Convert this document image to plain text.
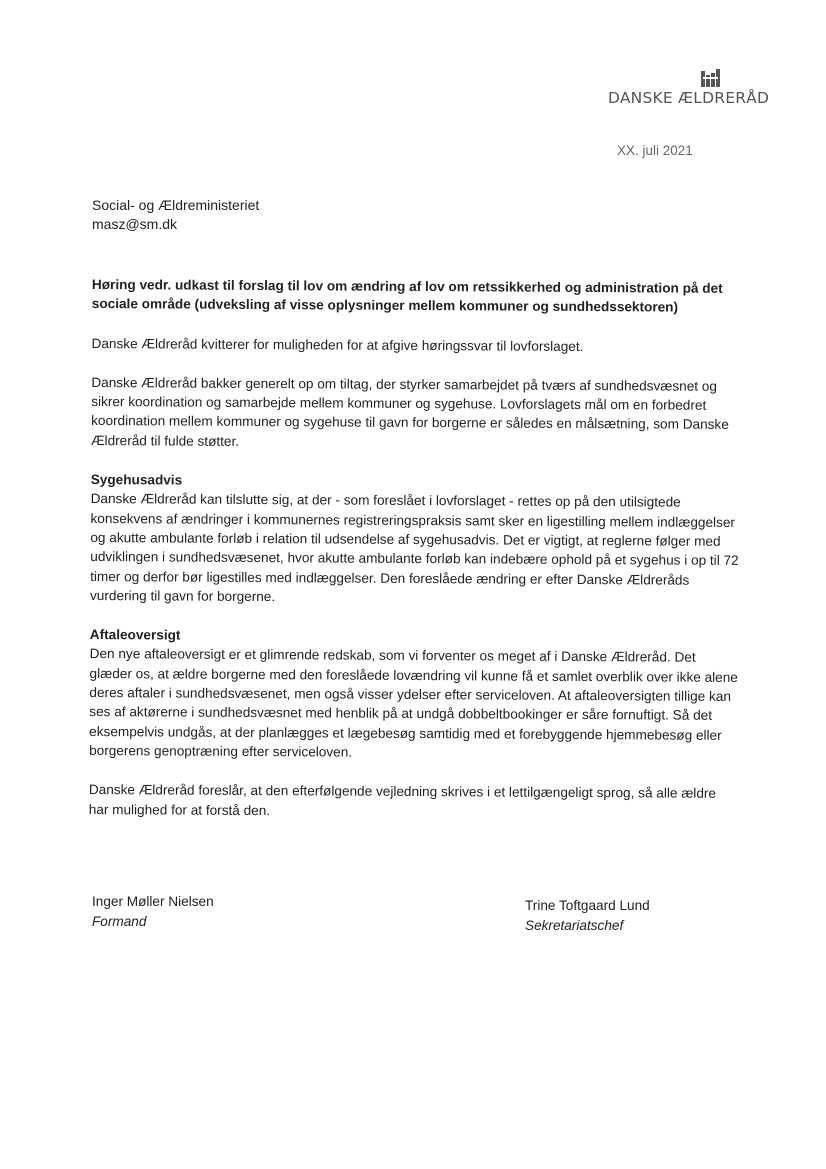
DANSKE ÆLDRERÅD
XX. juli 2021
Social- og Ældreministeriet
masz@sm.dk

Høring vedr. udkast til forslag til lov om ændring af lov om retssikkerhed og administration på det sociale område (udveksling af visse oplysninger mellem kommuner og sundhedssektoren)

Danske Ældreråd kvitterer for muligheden for at afgive høringssvar til lovforslaget.

Danske Ældreråd bakker generelt op om tiltag, der styrker samarbejdet på tværs af sundhedsvæsnet og sikrer koordination og samarbejde mellem kommuner og sygehuse. Lovforslagets mål om en forbedret koordination mellem kommuner og sygehuse til gavn for borgerne er således en målsætning, som Danske Ældreråd til fulde støtter.

Sygehusadvis

Danske Ældreråd kan tilslutte sig, at der - som foreslået i lovforslaget - rettes op på den utilsigtede konsekvens af ændringer i kommunernes registreringspraksis samt sker en ligestilling mellem indlæggelser og akutte ambulante forløb i relation til udsendelse af sygehusadvis. Det er vigtigt, at reglerne følger med udviklingen i sundhedsvæsenet, hvor akutte ambulante forløb kan indebære ophold på et sygehus i op til 72 timer og derfor bør ligestilles med indlæggelser. Den foreslåede ændring er efter Danske Ældreråds vurdering til gavn for borgerne.

Aftaleoversigt

Den nye aftaleoversigt er et glimrende redskab, som vi forventer os meget af i Danske Ældreråd. Det glæder os, at ældre borgerne med den foreslåede lovændring vil kunne få et samlet overblik over ikke alene deres aftaler i sundhedsvæsenet, men også visser ydelser efter serviceloven. At aftaleoversigten tillige kan ses af aktørerne i sundhedsvæsnet med henblik på at undgå dobbeltbookinger er såre fornuftigt. Så det eksempelvis undgås, at der planlægges et lægebesøg samtidig med et forebyggende hjemmebesøg eller borgerens genoptræning efter serviceloven.

Danske Ældreråd foreslår, at den efterfølgende vejledning skrives i et lettilgængeligt sprog, så alle ældre har mulighed for at forstå den.

Inger Møller Nielsen
Formand
Trine Toftgaard Lund
Sekretariatschef
